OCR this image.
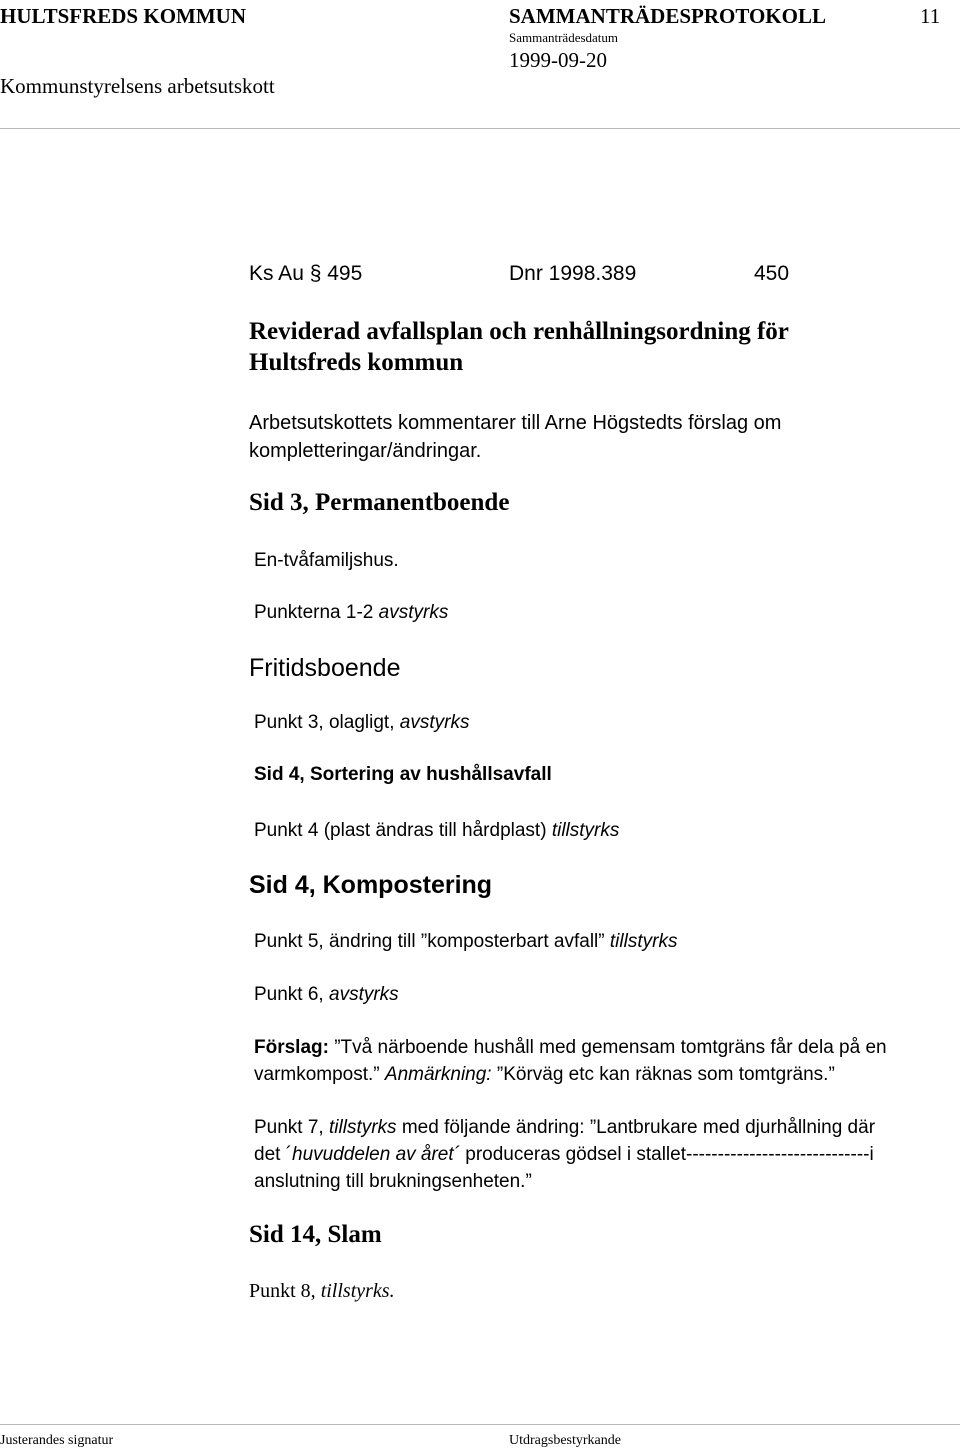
HULTSFREDS KOMMUN	SAMMANTRÄDESPROTOKOLL	11
Sammanträdesdatum
1999-09-20
Kommunstyrelsens arbetsutskott
Ks Au § 495	Dnr 1998.389	450
Reviderad avfallsplan och renhållningsordning för
Hultsfreds kommun
Arbetsutskottets kommentarer till Arne Högstedts förslag om
kompletteringar/ändringar.
Sid 3, Permanentboende
En-tvåfamiljshus.
Punkterna 1-2 avstyrks
Fritidsboende
Punkt 3, olagligt, avstyrks
Sid 4, Sortering av hushållsavfall
Punkt 4 (plast ändras till hårdplast) tillstyrks
Sid 4, Kompostering
Punkt 5, ändring till ”komposterbart avfall” tillstyrks
Punkt 6, avstyrks
Förslag: ”Två närboende hushåll med gemensam tomtgräns får dela på en
varmkompost.” Anmärkning: ”Körväg etc kan räknas som tomtgräns.”
Punkt 7, tillstyrks med följande ändring: ”Lantbrukare med djurhållning där
det ´huvuddelen av året´ produceras gödsel i stallet-----------------------------i
anslutning till brukningsenheten.”
Sid 14, Slam
Punkt 8, tillstyrks.
Justerandes signatur	Utdragsbestyrkande
